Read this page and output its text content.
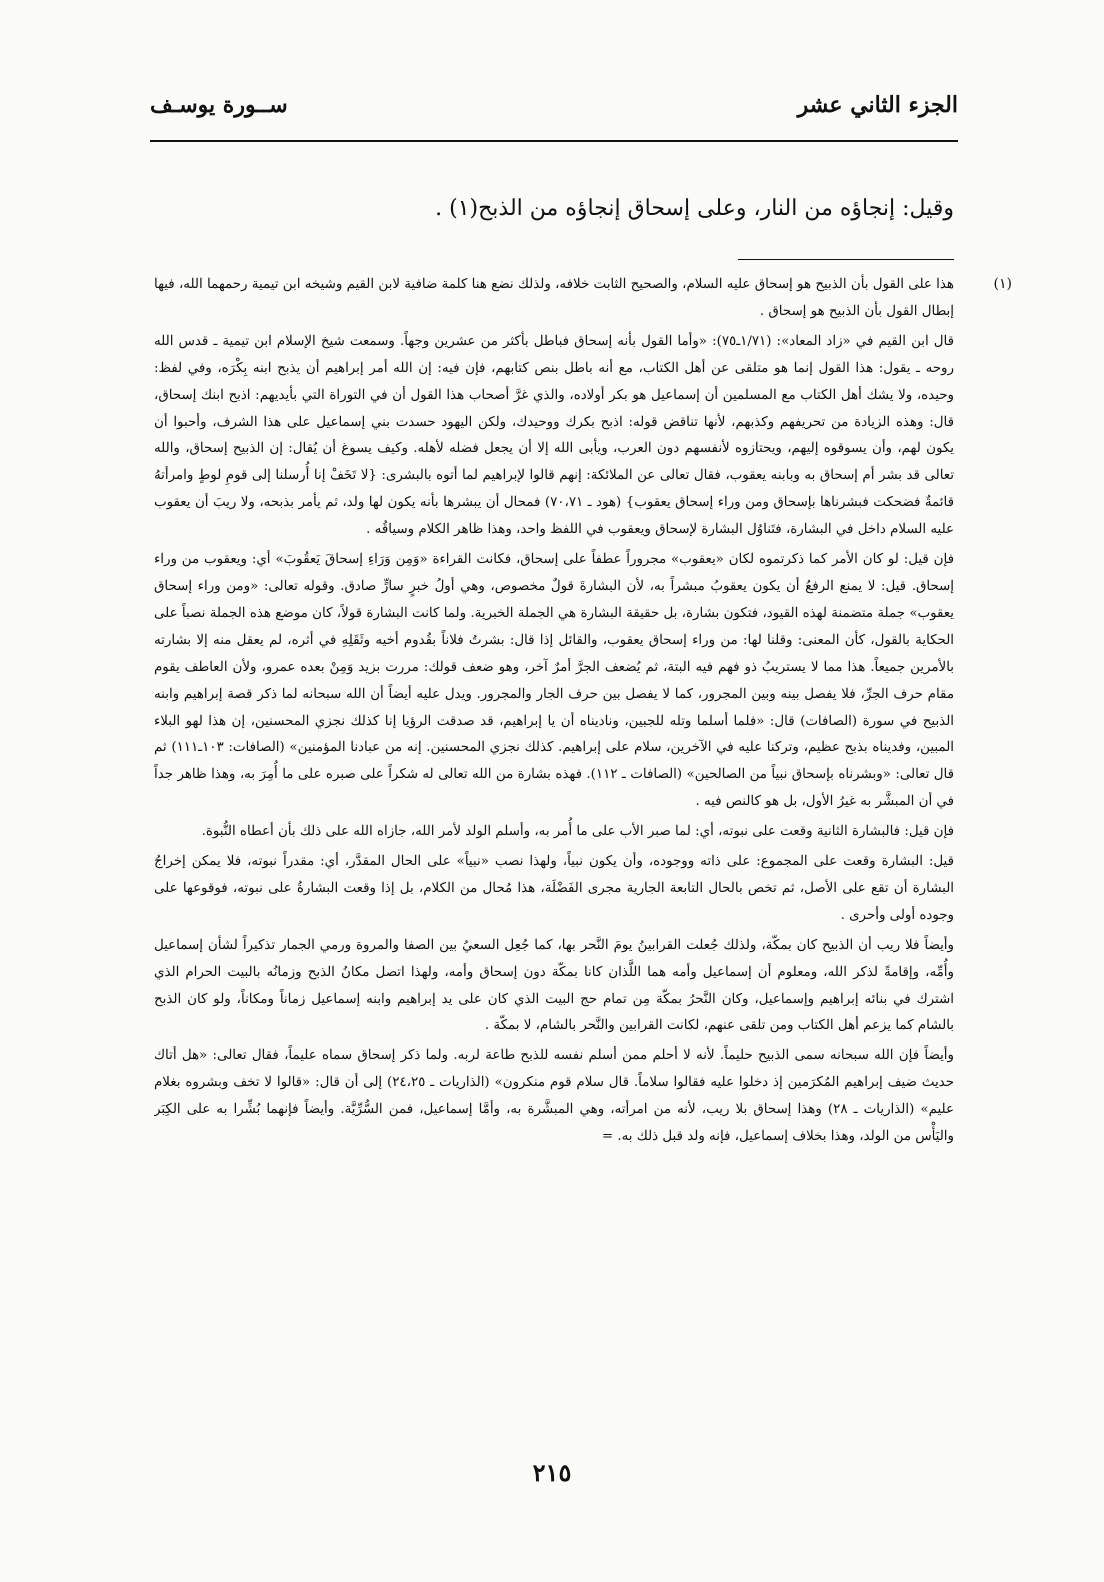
الجزء الثاني عشر
ســورة يوسـف
وقيل: إنجاؤه من النار، وعلى إسحاق إنجاؤه من الذبح(١) .
(١)

هذا على القول بأن الذبيح هو إسحاق عليه السلام، والصحيح الثابت خلافه، ولذلك نضع هنا كلمة ضافية لابن القيم وشيخه ابن تيمية رحمهما الله، فيها إبطال القول بأن الذبيح هو إسحاق .

قال ابن القيم في «زاد المعاد»: (١/٧١ـ٧٥): «وأما القول بأنه إسحاق فباطل بأكثر من عشرين وجهاً. وسمعت شيخ الإسلام ابن تيمية ـ قدس الله روحه ـ يقول: هذا القول إنما هو متلقى عن أهل الكتاب، مع أنه باطل بنص كتابهم، فإن فيه: إن الله أمر إبراهيم أن يذبح ابنه بِكْرَه، وفي لفظ: وحيده، ولا يشك أهل الكتاب مع المسلمين أن إسماعيل هو بكر أولاده، والذي غرَّ أصحاب هذا القول أن في التوراة التي بأيديهم: اذبح ابنك إسحاق، قال: وهذه الزيادة من تحريفهم وكذبهم، لأنها تناقض قوله: اذبح بكرك ووحيدك، ولكن اليهود حسدت بني إسماعيل على هذا الشرف، وأحبوا أن يكون لهم، وأن يسوقوه إليهم، ويحتازوه لأنفسهم دون العرب، ويأبى الله إلا أن يجعل فضله لأهله. وكيف يسوغ أن يُقال: إن الذبيح إسحاق، والله تعالى قد بشر أم إسحاق به وبابنه يعقوب، فقال تعالى عن الملائكة: إنهم قالوا لإبراهيم لما أتوه بالبشرى: {لا تَخَفْ إنا أُرسلنا إلى قومِ لوطٍ وامرأتهُ قائمةٌ فضحكت فبشرناها بإسحاق ومن وراء إسحاق يعقوب} (هود ـ ٧٠،٧١) فمحال أن يبشرها بأنه يكون لها ولد، ثم يأمر بذبحه، ولا ريبَ أن يعقوب عليه السلام داخل في البشارة، فتَناوُل البشارة لإسحاق ويعقوب في اللفظ واحد، وهذا ظاهر الكلام وسياقُه .

فإن قيل: لو كان الأمر كما ذكرتموه لكان «يعقوب» مجروراً عطفاً على إسحاق، فكانت القراءة «وَمِن وَرَاءِ إسحاقَ يَعقُوبَ» أي: ويعقوب من وراء إسحاق. قيل: لا يمنع الرفعُ أن يكون يعقوبُ مبشراً به، لأن البشارةَ قولٌ مخصوص، وهي أولُ خبرٍ سارٍّ صادق. وقوله تعالى: «ومن وراء إسحاق يعقوب» جملة متضمنة لهذه القيود، فتكون بشارة، بل حقيقة البشارة هي الجملة الخبرية. ولما كانت البشارة قولاً، كان موضع هذه الجملة نصباً على الحكاية بالقول، كأن المعنى: وقلنا لها: من وراء إسحاق يعقوب، والقائل إذا قال: بشرتُ فلاناً بقُدوم أخيه وثَقَلِهِ في أثره، لم يعقل منه إلا بشارته بالأمرين جميعاً. هذا مما لا يستريبُ ذو فهم فيه البتة، ثم يُضعف الجرَّ أمرٌ آخر، وهو ضعف قولك: مررت بزيد وَمِنْ بعده عمرو، ولأن العاطف يقوم مقام حرف الجرِّ، فلا يفصل بينه وبين المجرور، كما لا يفصل بين حرف الجار والمجرور. ويدل عليه أيضاً أن الله سبحانه لما ذكر قصة إبراهيم وابنه الذبيح في سورة (الصافات) قال: «فلما أسلما وتله للجبين، وناديناه أن يا إبراهيم، قد صدقت الرؤيا إنا كذلك نجزي المحسنين، إن هذا لهو البلاء المبين، وفديناه بذبح عظيم، وتركنا عليه في الآخرين، سلام على إبراهيم. كذلك نجزي المحسنين. إنه من عبادنا المؤمنين» (الصافات: ١٠٣ـ١١١) ثم قال تعالى: «وبشرناه بإسحاق نبياً من الصالحين» (الصافات ـ ١١٢). فهذه بشارة من الله تعالى له شكراً على صبره على ما أُمِرَ به، وهذا ظاهر جداً في أن المبشَّر به غيرُ الأول، بل هو كالنص فيه .

فإن قيل: فالبشارة الثانية وقعت على نبوته، أي: لما صبر الأب على ما أُمر به، وأسلم الولد لأمر الله، جازاه الله على ذلك بأن أعطاه النُّبوة.

قيل: البشارة وقعت على المجموع: على ذاته ووجوده، وأن يكون نبياً، ولهذا نصب «نبياً» على الحال المقدَّر، أي: مقدراً نبوته، فلا يمكن إخراجُ البشارة أن تقع على الأصل، ثم تخص بالحال التابعة الجارية مجرى الفَضْلَة، هذا مُحال من الكلام، بل إذا وقعت البشارةُ على نبوته، فوقوعها على وجوده أولى وأحرى .

وأيضاً فلا ريب أن الذبيح كان بمكّة، ولذلك جُعلت القرابينُ يومَ النَّحر بها، كما جُعِل السعيُ بين الصفا والمروة ورمي الجمار تذكيراً لشأن إسماعيل وأُمِّه، وإقامةً لذكر الله، ومعلوم أن إسماعيل وأمه هما اللَّذان كانا بمكّة دون إسحاق وأمه، ولهذا اتصل مكانُ الذبح وزمانُه بالبيت الحرام الذي اشترك في بنائه إبراهيم وإسماعيل، وكان النَّحرُ بمكّة مِن تمام حج البيت الذي كان على يد إبراهيم وابنه إسماعيل زماناً ومكاناً، ولو كان الذبح بالشام كما يزعم أهل الكتاب ومن تلقى عنهم، لكانت القرابين والنَّحر بالشام، لا بمكّة .

وأيضاً فإن الله سبحانه سمى الذبيح حليماً. لأنه لا أحلم ممن أسلم نفسه للذبح طاعة لربه. ولما ذكر إسحاق سماه عليماً، فقال تعالى: «هل أتاك حديث ضيف إبراهيم المُكرَمين إذ دخلوا عليه فقالوا سلاماً. قال سلام قوم منكرون» (الذاريات ـ ٢٤،٢٥) إلى أن قال: «قالوا لا تخف وبشروه بغلام عليم» (الذاريات ـ ٢٨) وهذا إسحاق بلا ريب، لأنه من امرأته، وهي المبشَّرة به، وأمَّا إسماعيل، فمن السُّرِّيَّة. وأيضاً فإنهما بُشِّرا به على الكِبَر واليَأْس من الولد، وهذا بخلاف إسماعيل، فإنه ولد قبل ذلك به. =

٢١٥
